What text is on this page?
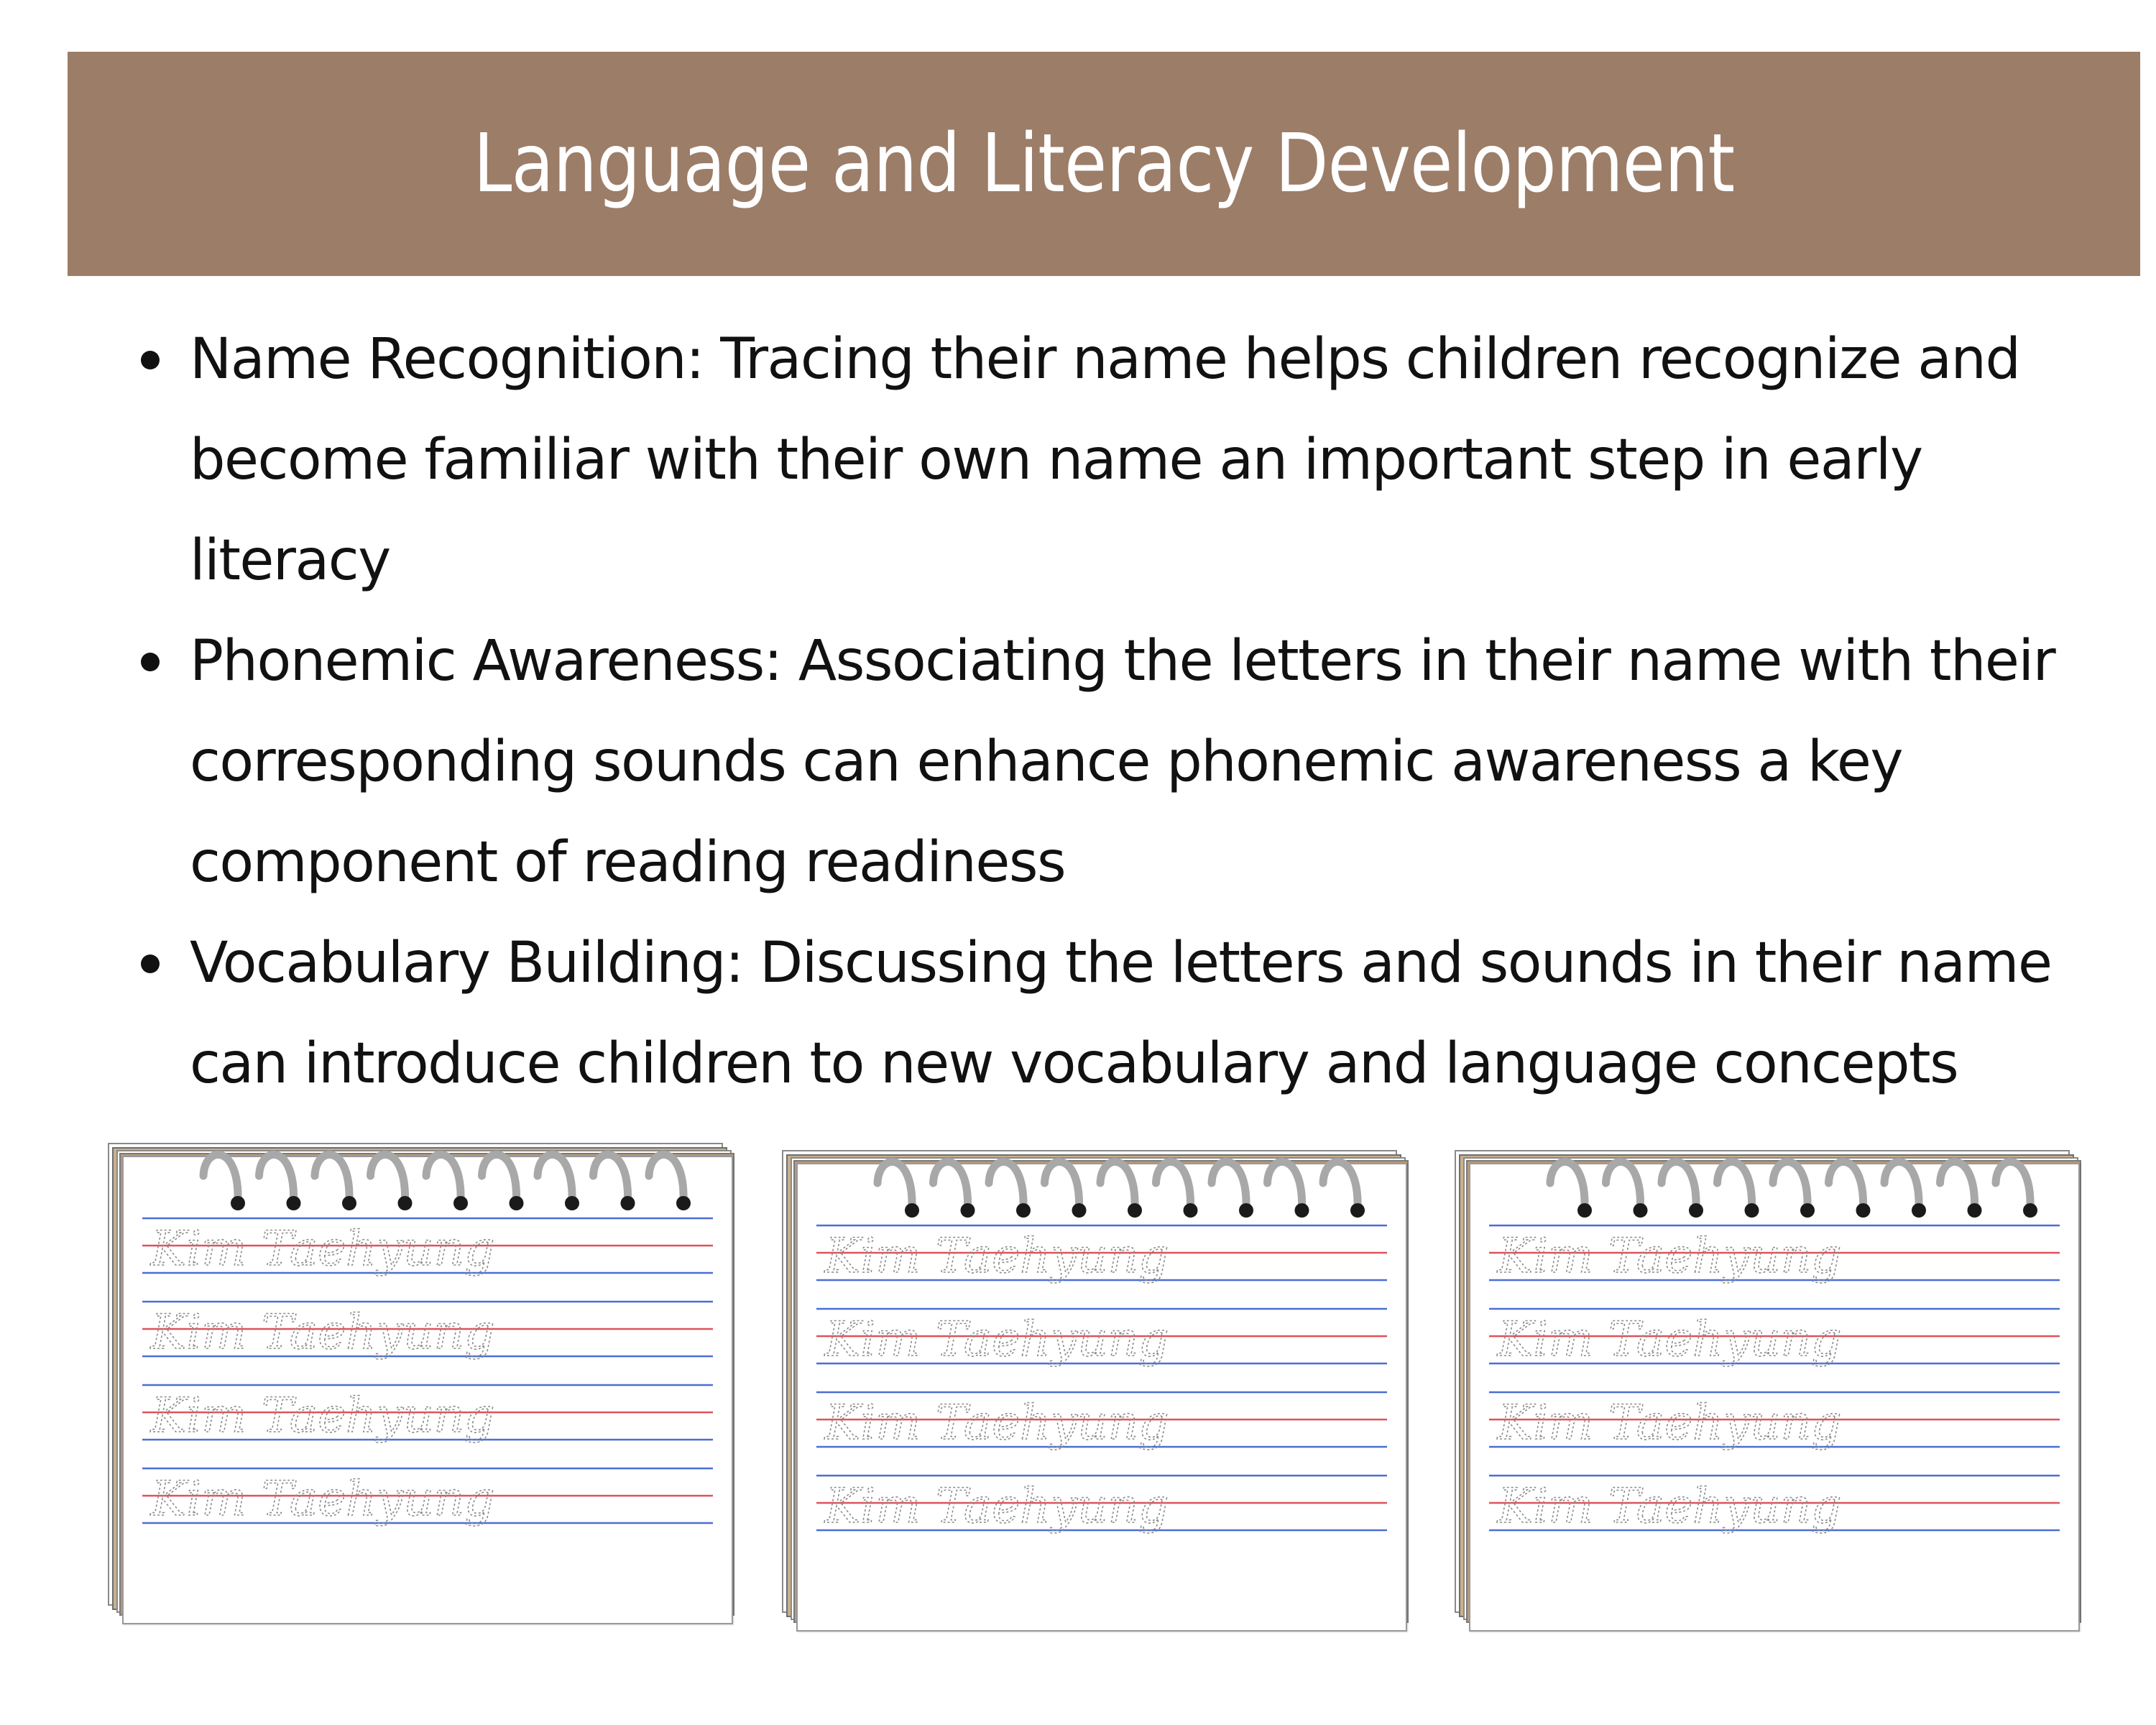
Language and Literacy Development
Name Recognition: Tracing their name helps children recognize and become familiar with their own name an important step in early literacy
Phonemic Awareness: Associating the letters in their name with their corresponding sounds can enhance phonemic awareness a key component of reading readiness
Vocabulary Building: Discussing the letters and sounds in their name can introduce children to new vocabulary and language concepts
Kim Taehyung
Kim Taehyung
Kim Taehyung
Kim Taehyung
Kim Taehyung
Kim Taehyung
Kim Taehyung
Kim Taehyung
Kim Taehyung
Kim Taehyung
Kim Taehyung
Kim Taehyung
